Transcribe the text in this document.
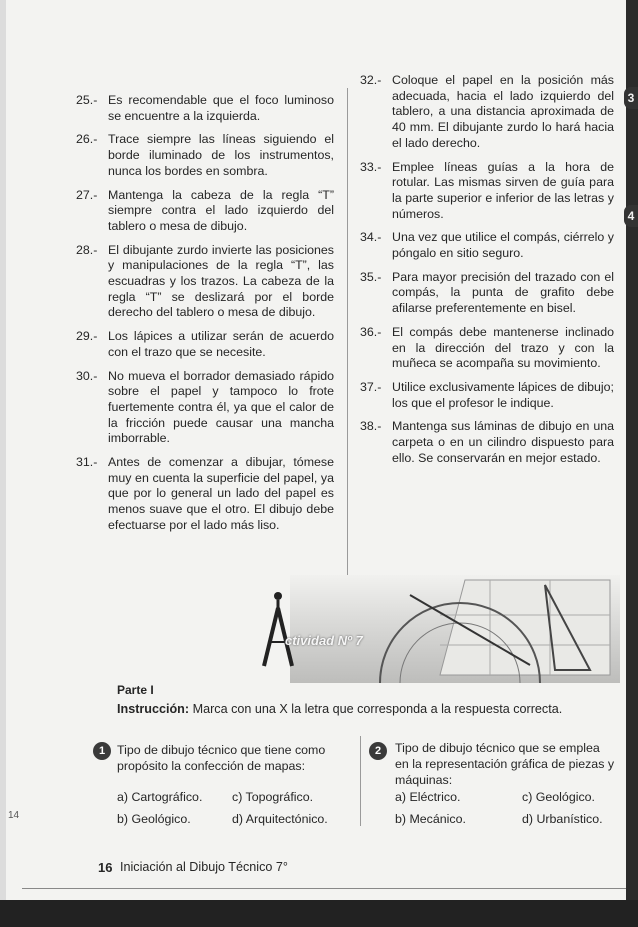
3
4
14
25.- Es recomendable que el foco luminoso se encuentre a la izquierda.
26.- Trace siempre las líneas siguiendo el borde iluminado de los instrumentos, nunca los bordes en sombra.
27.- Mantenga la cabeza de la regla “T” siempre contra el lado izquierdo del tablero o mesa de dibujo.
28.- El dibujante zurdo invierte las posiciones y manipulaciones de la regla “T”, las escuadras y los trazos. La cabeza de la regla “T” se deslizará por el borde derecho del tablero o mesa de dibujo.
29.- Los lápices a utilizar serán de acuerdo con el trazo que se necesite.
30.- No mueva el borrador demasiado rápido sobre el papel y tampoco lo frote fuertemente contra él, ya que el calor de la fricción puede causar una mancha imborrable.
31.- Antes de comenzar a dibujar, tómese muy en cuenta la superficie del papel, ya que por lo general un lado del papel es menos suave que el otro. El dibujo debe efectuarse por el lado más liso.
32.- Coloque el papel en la posición más adecuada, hacia el lado izquierdo del tablero, a una distancia aproximada de 40 mm. El dibujante zurdo lo hará hacia el lado derecho.
33.- Emplee líneas guías a la hora de rotular. Las mismas sirven de guía para la parte superior e inferior de las letras y números.
34.- Una vez que utilice el compás, ciérrelo y póngalo en sitio seguro.
35.- Para mayor precisión del trazado con el compás, la punta de grafito debe afilarse preferentemente en bisel.
36.- El compás debe mantenerse inclinado en la dirección del trazo y con la muñeca se acompaña su movimiento.
37.- Utilice exclusivamente lápices de dibujo; los que el profesor le indique.
38.- Mantenga sus láminas de dibujo en una carpeta o en un cilindro dispuesto para ello. Se conservarán en mejor estado.
ctividad Nº 7
Parte I
Instrucción: Marca con una X la letra que corresponda a la respuesta correcta.
1 Tipo de dibujo técnico que tiene como propósito la confección de mapas:
a) Cartográfico. c) Topográfico.
b) Geológico.	d) Arquitectónico.
2	Tipo de dibujo técnico que se emplea en la representación gráfica de piezas y máquinas:
a) Eléctrico.	c) Geológico.
b) Mecánico.	d) Urbanístico.
16 Iniciación al Dibujo Técnico 7°
